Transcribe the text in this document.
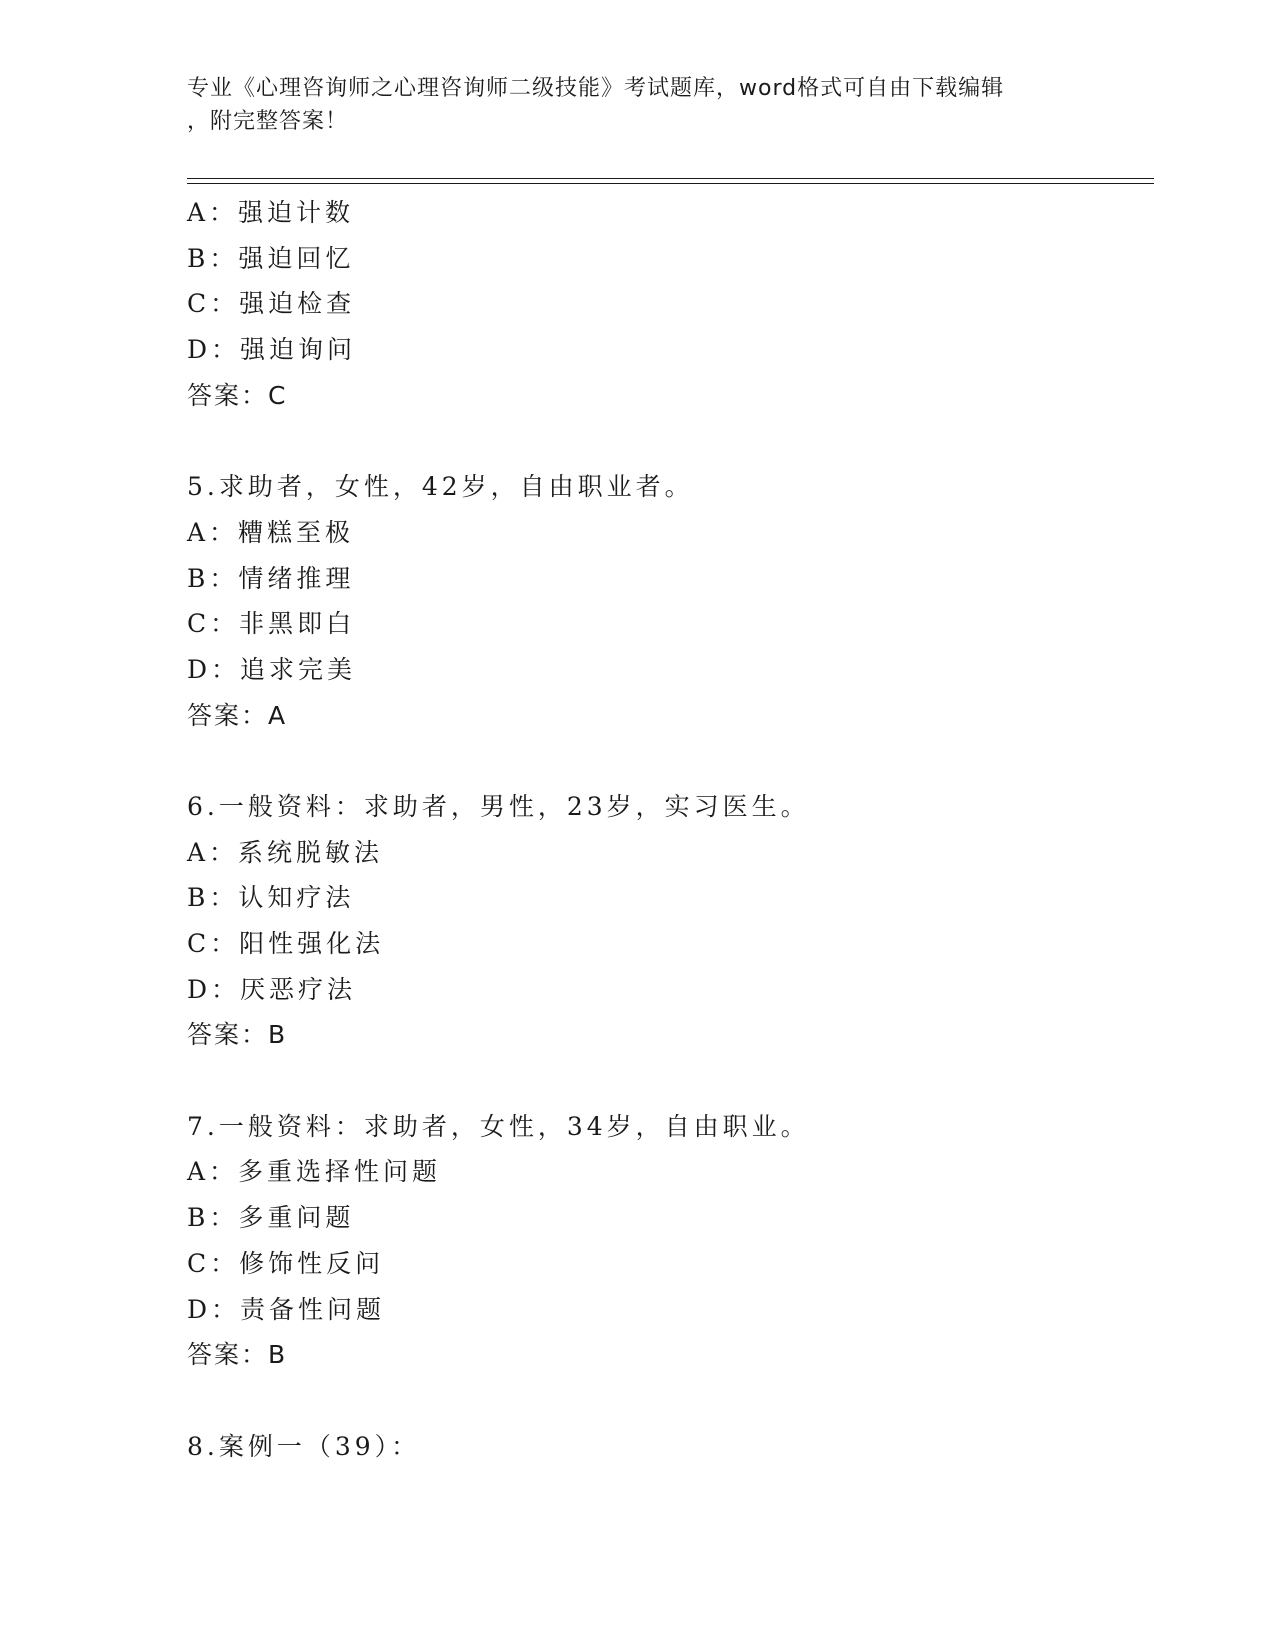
专业《心理咨询师之心理咨询师二级技能》考试题库，word格式可自由下载编辑
，附完整答案！
A：强迫计数
B：强迫回忆
C：强迫检查
D：强迫询问
答案：C
5.求助者，女性，42岁，自由职业者。
A：糟糕至极
B：情绪推理
C：非黑即白
D：追求完美
答案：A
6.一般资料：求助者，男性，23岁，实习医生。
A：系统脱敏法
B：认知疗法
C：阳性强化法
D：厌恶疗法
答案：B
7.一般资料：求助者，女性，34岁，自由职业。
A：多重选择性问题
B：多重问题
C：修饰性反问
D：责备性问题
答案：B
8.案例一（39）：
